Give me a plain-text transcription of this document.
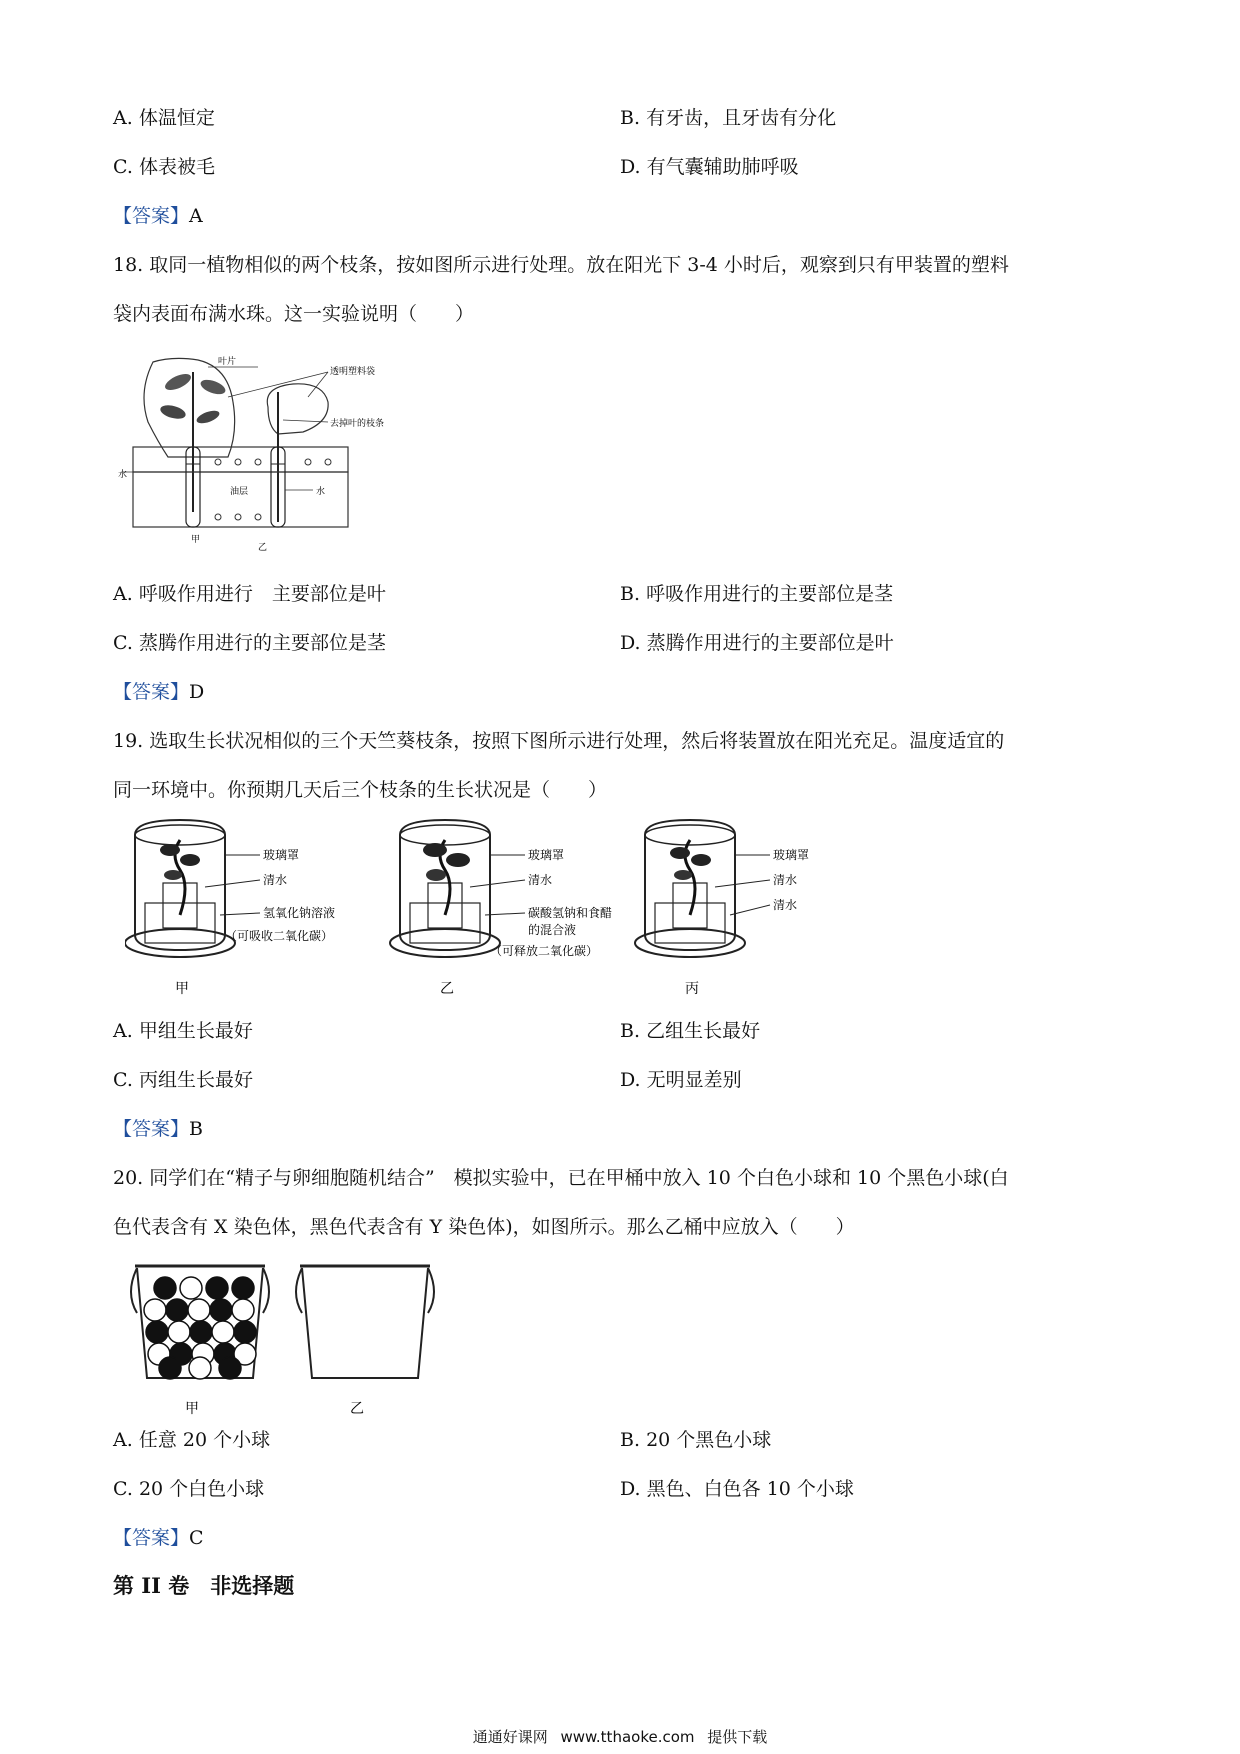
A. 体温恒定	B. 有牙齿，且牙齿有分化
C. 体表被毛	D. 有气囊辅助肺呼吸
【答案】A
18. 取同一植物相似的两个枝条，按如图所示进行处理。放在阳光下 3-4 小时后，观察到只有甲装置的塑料
袋内表面布满水珠。这一实验说明（　　）
叶片
透明塑料袋
去掉叶的枝条
水
油层	水
甲
乙
A. 呼吸作用进行　主要部位是叶	B. 呼吸作用进行的主要部位是茎
C. 蒸腾作用进行的主要部位是茎	D. 蒸腾作用进行的主要部位是叶
【答案】D
19. 选取生长状况相似的三个天竺葵枝条，按照下图所示进行处理，然后将装置放在阳光充足。温度适宜的
同一环境中。你预期几天后三个枝条的生长状况是（　　）
玻璃罩
清水
氢氧化钠溶液
（可吸收二氧化碳）
甲
玻璃罩
清水
碳酸氢钠和食醋
的混合液
（可释放二氧化碳）
乙
玻璃罩
清水
清水
丙
A. 甲组生长最好	B. 乙组生长最好
C. 丙组生长最好	D. 无明显差别
【答案】B
20. 同学们在“精子与卵细胞随机结合”　模拟实验中，已在甲桶中放入 10 个白色小球和 10 个黑色小球(白
色代表含有 X 染色体，黑色代表含有 Y 染色体)，如图所示。那么乙桶中应放入（　　）
甲	乙
A. 任意 20 个小球	B. 20 个黑色小球
C. 20 个白色小球	D. 黑色、白色各 10 个小球
【答案】C
第 II 卷　非选择题
通通好课网 www.tthaoke.com 提供下载
